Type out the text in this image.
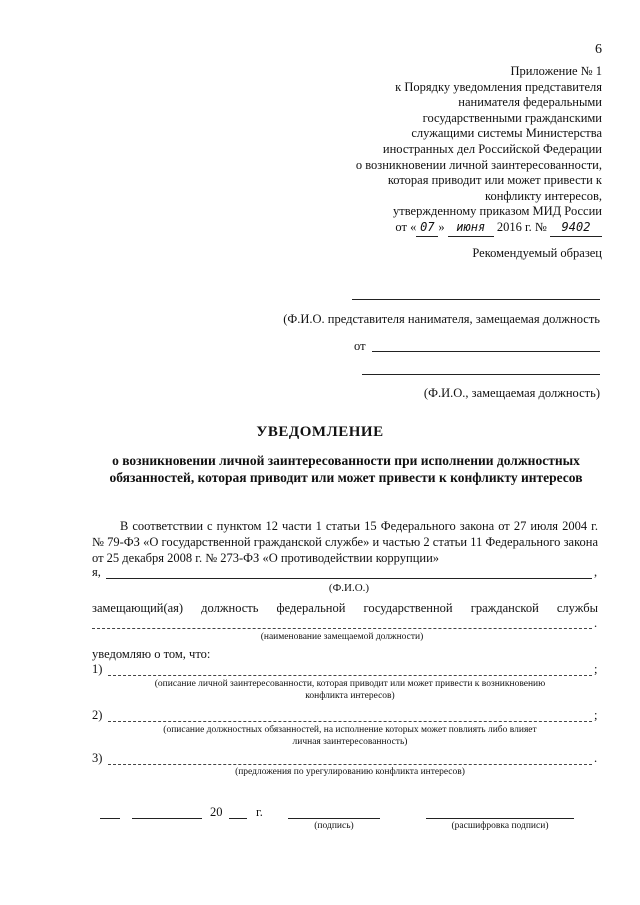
6
Приложение № 1
к Порядку уведомления представителя
нанимателя федеральными
государственными гражданскими
служащими системы Министерства
иностранных дел Российской Федерации
о возникновении личной заинтересованности,
которая приводит или может привести к
конфликту интересов,
утвержденному приказом МИД России
от « 07 » июня 2016 г. № 9402
Рекомендуемый образец
(Ф.И.О. представителя нанимателя, замещаемая должность
от
(Ф.И.О., замещаемая должность)
УВЕДОМЛЕНИЕ
о возникновении личной заинтересованности при исполнении должностных обязанностей, которая приводит или может привести к конфликту интересов
В соответствии с пунктом 12 части 1 статьи 15 Федерального закона от 27 июля 2004 г. № 79-ФЗ «О государственной гражданской службе» и частью 2 статьи 11 Федерального закона от 25 декабря 2008 г. № 273-ФЗ «О противодействии коррупции»
я,	,
(Ф.И.О.)
замещающий(ая) должность федеральной государственной гражданской службы
.
(наименование замещаемой должности)
уведомляю о том, что:
1)	;
(описание личной заинтересованности, которая приводит или может привести к возникновению
конфликта интересов)
2)	;
(описание должностных обязанностей, на исполнение которых может повлиять либо влияет
личная заинтересованность)
3)	.
(предложения по урегулированию конфликта интересов)
20	г.
(подпись)	(расшифровка подписи)
